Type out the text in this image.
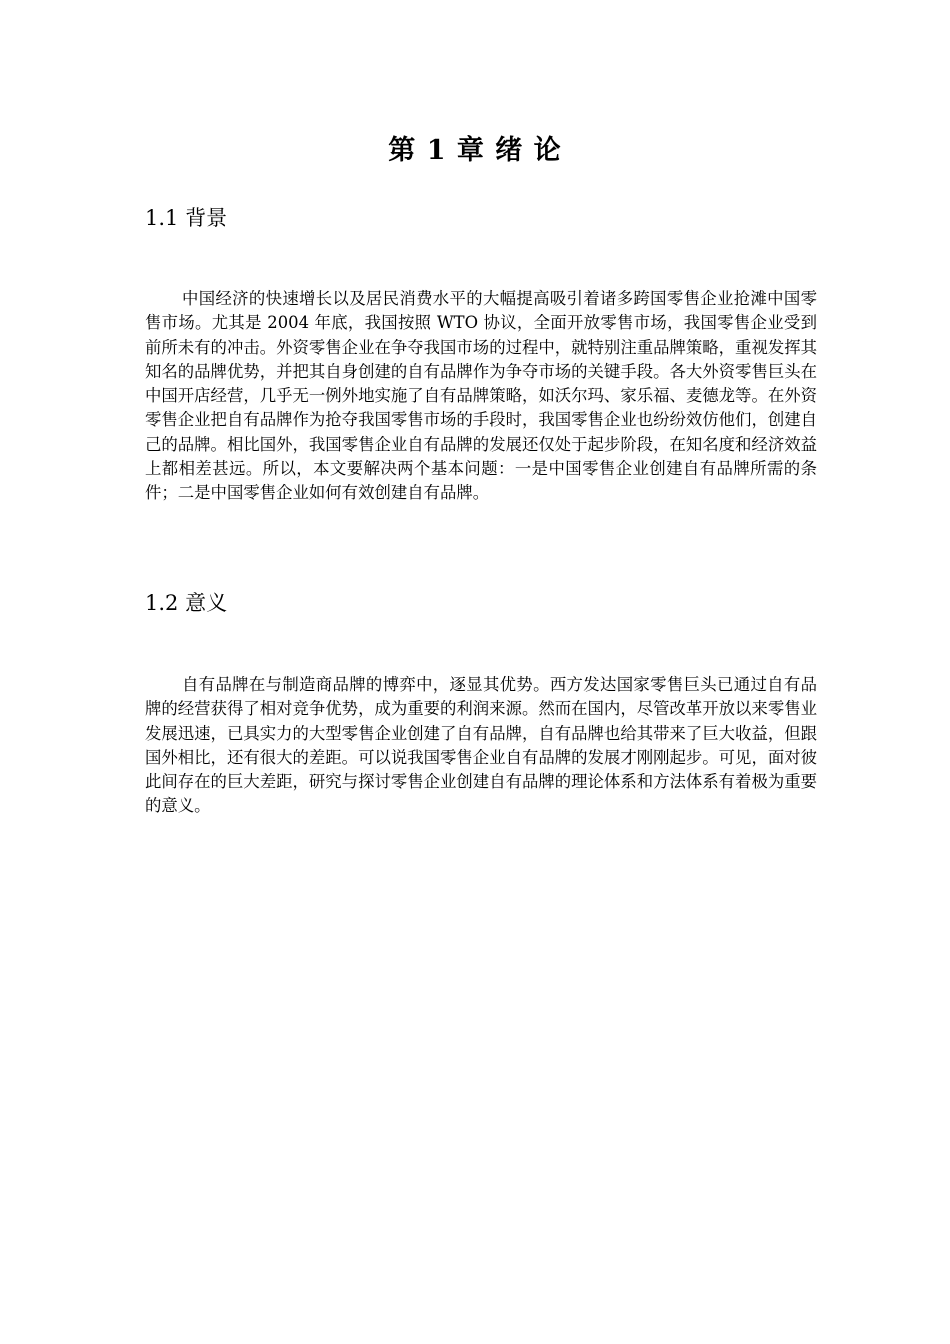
第 1 章 绪 论
1.1 背景
中国经济的快速增长以及居民消费水平的大幅提高吸引着诸多跨国零售企业抢滩中国零售市场。尤其是 2004 年底，我国按照 WTO 协议，全面开放零售市场，我国零售企业受到前所未有的冲击。外资零售企业在争夺我国市场的过程中，就特别注重品牌策略，重视发挥其知名的品牌优势，并把其自身创建的自有品牌作为争夺市场的关键手段。各大外资零售巨头在中国开店经营，几乎无一例外地实施了自有品牌策略，如沃尔玛、家乐福、麦德龙等。在外资零售企业把自有品牌作为抢夺我国零售市场的手段时，我国零售企业也纷纷效仿他们，创建自己的品牌。相比国外，我国零售企业自有品牌的发展还仅处于起步阶段，在知名度和经济效益上都相差甚远。所以，本文要解决两个基本问题：一是中国零售企业创建自有品牌所需的条件；二是中国零售企业如何有效创建自有品牌。
1.2 意义
自有品牌在与制造商品牌的博弈中，逐显其优势。西方发达国家零售巨头已通过自有品牌的经营获得了相对竞争优势，成为重要的利润来源。然而在国内，尽管改革开放以来零售业发展迅速，已具实力的大型零售企业创建了自有品牌，自有品牌也给其带来了巨大收益，但跟国外相比，还有很大的差距。可以说我国零售企业自有品牌的发展才刚刚起步。可见，面对彼此间存在的巨大差距，研究与探讨零售企业创建自有品牌的理论体系和方法体系有着极为重要的意义。
